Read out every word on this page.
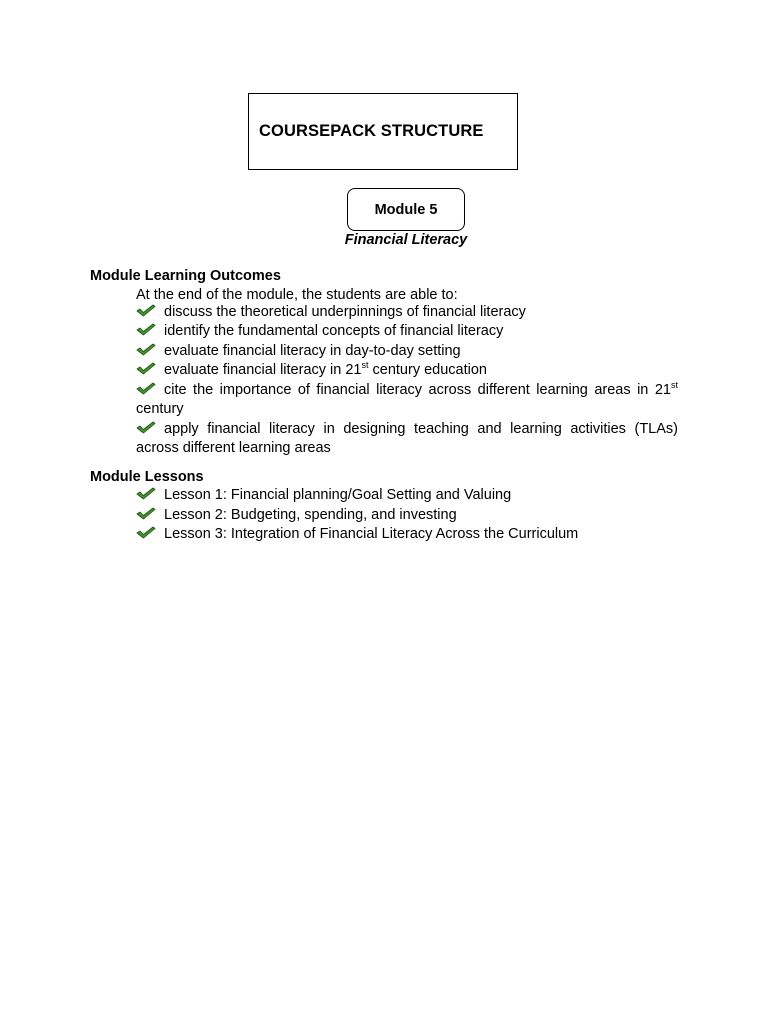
COURSEPACK STRUCTURE
Module 5
Financial Literacy
Module Learning Outcomes
At the end of the module, the students are able to:
discuss the theoretical underpinnings of financial literacy
identify the fundamental concepts of financial literacy
evaluate financial literacy in day-to-day setting
evaluate financial literacy in 21st century education
cite the importance of financial literacy across different learning areas in 21st century
apply financial literacy in designing teaching and learning activities (TLAs) across different learning areas
Module Lessons
Lesson 1: Financial planning/Goal Setting and Valuing
Lesson 2: Budgeting, spending, and investing
Lesson 3: Integration of Financial Literacy Across the Curriculum
